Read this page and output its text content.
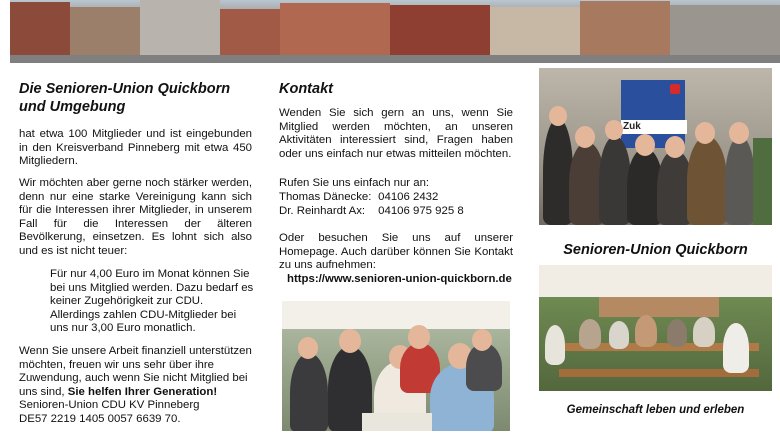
Die Senioren-Union Quickborn
und Umgebung
hat etwa 100 Mitglieder und ist eingebunden in den Kreisverband Pinneberg mit etwa 450 Mitgliedern.
Wir möchten aber gerne noch stärker werden, denn nur eine starke Vereinigung kann sich für die Interessen ihrer Mitglieder, in unserem Fall für die Interessen der älteren Bevölkerung, einsetzen. Es lohnt sich also und es ist nicht teuer:
Für nur 4,00 Euro im Monat können Sie bei uns Mitglied werden. Dazu bedarf es keiner Zugehörigkeit zur CDU. Allerdings zahlen CDU-Mitglieder bei uns nur 3,00 Euro monatlich.
Wenn Sie unsere Arbeit finanziell unterstützen möchten, freuen wir uns sehr über ihre Zuwendung, auch wenn Sie nicht Mitglied bei uns sind, Sie helfen Ihrer Generation!
Senioren-Union CDU KV Pinneberg
DE57 2219 1405 0057 6639 70.
Kontakt
Wenden Sie sich gern an uns, wenn Sie Mitglied werden möchten, an unseren Aktivitäten interessiert sind, Fragen haben oder uns einfach nur etwas mitteilen möchten.
Rufen Sie uns einfach nur an:
Thomas Dänecke: 04106 2432
Dr. Reinhardt Ax: 04106 975 925 8
Oder besuchen Sie uns auf unserer Homepage. Auch darüber können Sie Kontakt zu uns aufnehmen:
https://www.senioren-union-quickborn.de
Zuk
Senioren-Union Quickborn
Gemeinschaft leben und erleben
